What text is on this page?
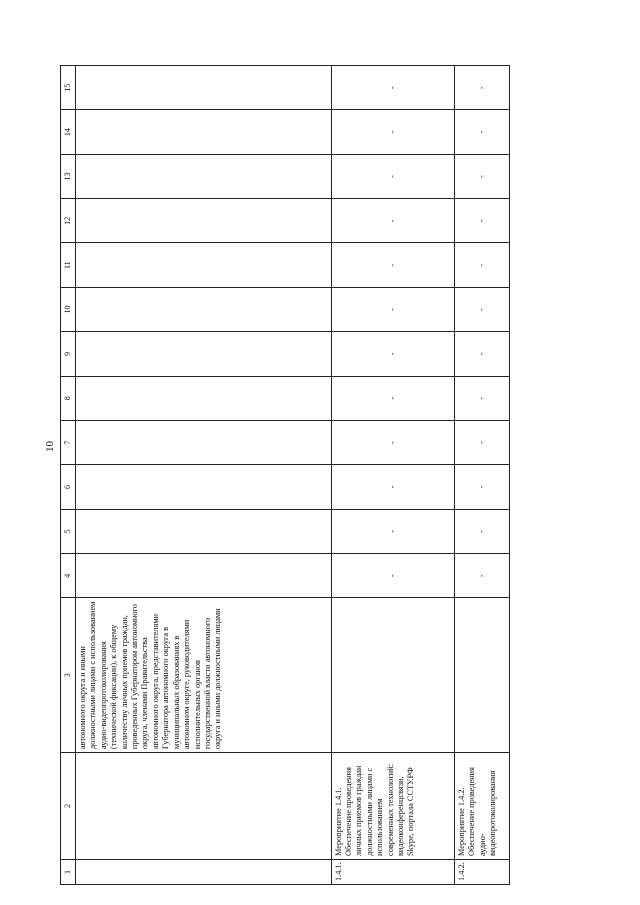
10
1	2	3	4	5	6	7	8	9	10	11	12	13	14	15
		автономного округа и иными должностными лицами с использованием аудио-видеопротоколирования (технической фиксации), к общему количеству личных приемов граждан, проведенных Губернатором автономного округа, членами Правительства автономного округа, представителями Губернатора автономного округа в муниципальных образованиях в автономном округе, руководителями исполнительных органов государственной власти автономного округа и иными должностными лицами												
1.4.1.	Мероприятие 1.4.1. Обеспечение проведения личных приемов граждан должностными лицами с использованием современных технологий: видеоконференцсвязи, Skype, портала ССТУ.РФ		-	-	-	-	-	-	-	-	-	-	-	-
1.4.2.	Мероприятие 1.4.2. Обеспечение проведения аудио-видеопротоколирования		-	-	-	-	-	-	-	-	-	-	-	-
